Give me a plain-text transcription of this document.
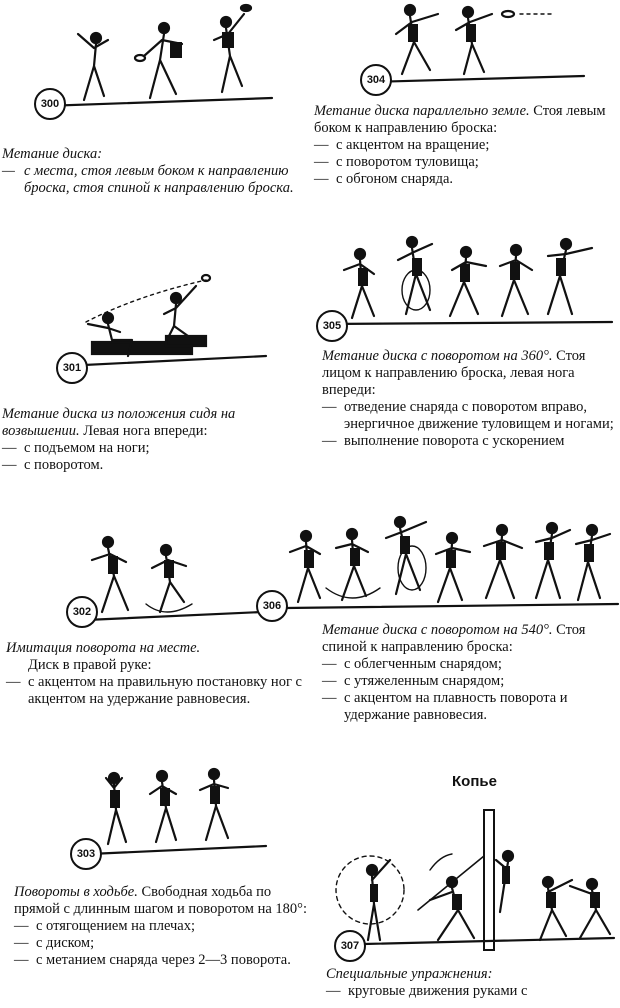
300
Метание диска:
— с места, стоя левым боком к направлению броска, стоя спиной к направлению броска.
301
Метание диска из положения сидя на возвышении. Левая нога впереди:
— с подъемом на ноги;
— с поворотом.
302
Имитация поворота на месте.
Диск в правой руке:
— с акцентом на правильную постановку ног с акцентом на удержание равновесия.
303
Повороты в ходьбе. Свободная ходьба по прямой с длинным шагом и поворотом на 180°:
— с отягощением на плечах;
— с диском;
— с метанием снаряда через 2—3 поворота.
304
Метание диска параллельно земле. Стоя левым боком к направлению броска:
— с акцентом на вращение;
— с поворотом туловища;
— с обгоном снаряда.
305
Метание диска с поворотом на 360°. Стоя лицом к направлению броска, левая нога впереди:
— отведение снаряда с поворотом вправо, энергичное движение туловищем и ногами;
— выполнение поворота с ускорением
306
Метание диска с поворотом на 540°. Стоя спиной к направлению броска:
— с облегченным снарядом;
— с утяжеленным снарядом;
— с акцентом на плавность поворота и удержание равновесия.
Копье
307
Специальные упражнения:
— круговые движения руками с
